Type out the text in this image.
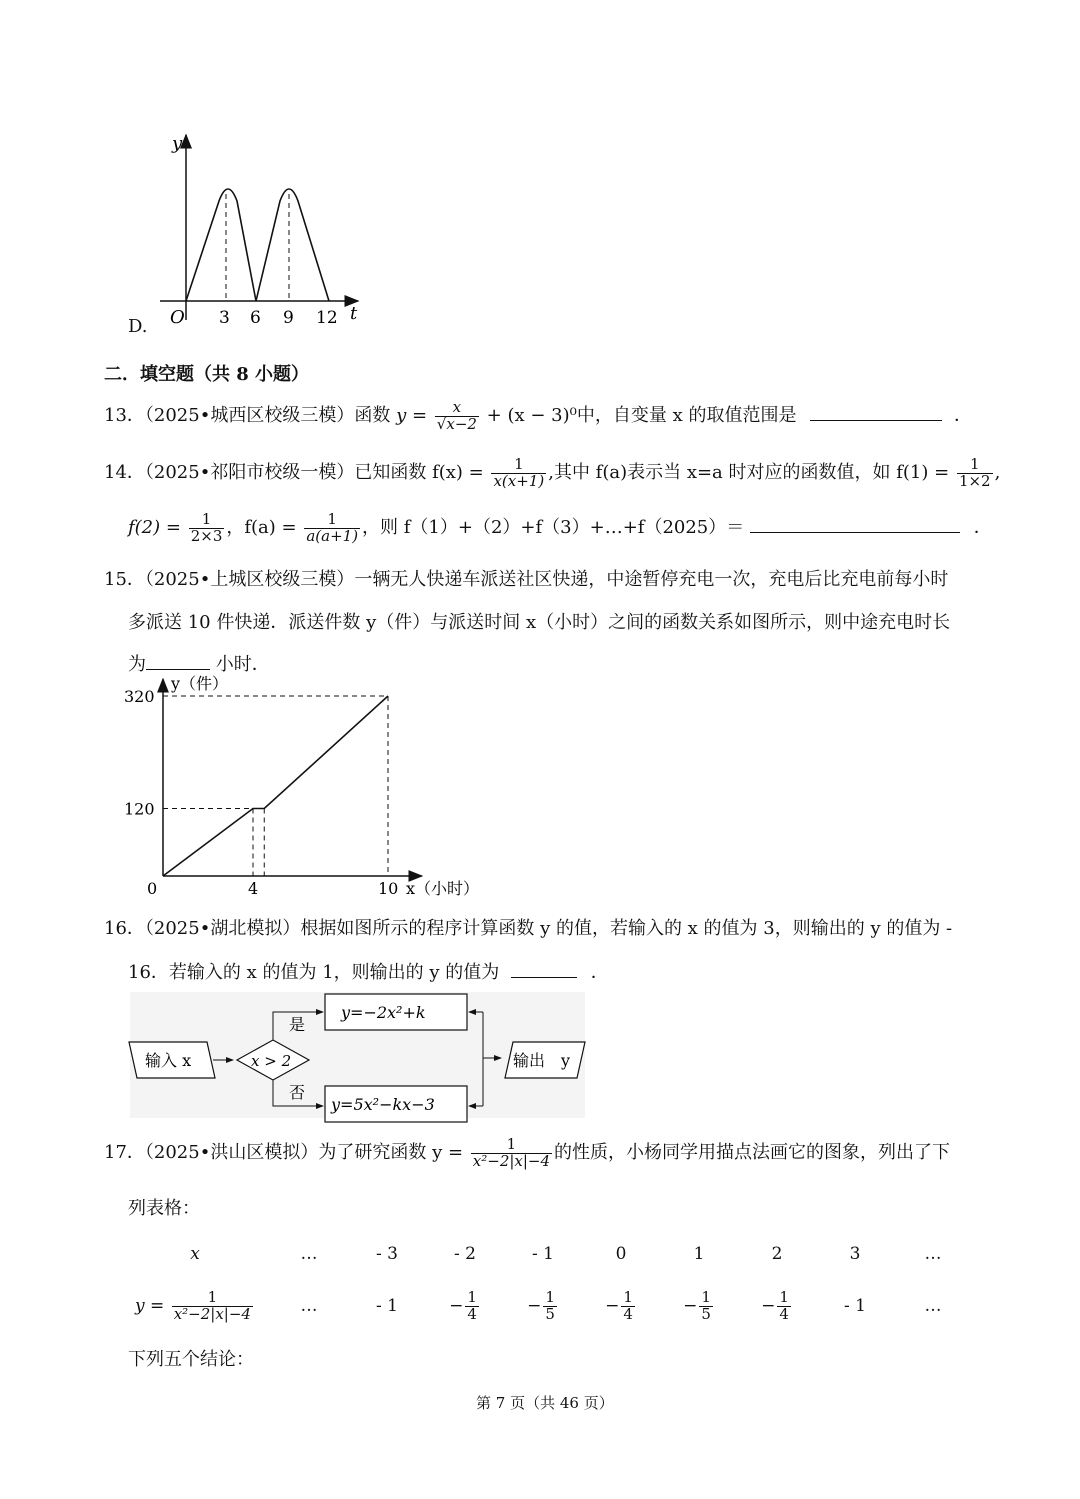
y
t
O 3 6 9 12
D.
二．填空题（共 8 小题）
13．（2025•城西区校级三模）函数 $y = \frac{x}{√x-2} + (x - 3)^0$中，自变量 x 的取值范围是	．
14．（2025•祁阳市校级一模）已知函数 $f(x) = \frac{1}{x(x+1)}$ ,其中 f(a)表示当 x=a 时对应的函数值，如 $f(1) = \frac{1}{1\times 2}$ ,
$f(2) = \frac{1}{2\times 3}$ ，$f(a) = \frac{1}{a(a+1)}$ ，则 f（1）+（2）+f（3）+…+f（2025）＝	．
15．（2025•上城区校级三模）一辆无人快递车派送社区快递，中途暂停充电一次，充电后比充电前每小时
多派送 10 件快递．派送件数 y（件）与派送时间 x（小时）之间的函数关系如图所示，则中途充电时长
为	小时．
y（件）
x（小时）
0
120
320
4	10
16．（2025•湖北模拟）根据如图所示的程序计算函数 y 的值，若输入的 x 的值为 3，则输出的 y 的值为 -
16．若输入的 x 的值为 1，则输出的 y 的值为	．
输入 x	x > 2
是
否
y=−2x²+k
y=5x²−kx−3
输出　y
17．（2025•洪山区模拟）为了研究函数 $y = \frac{1}{\text{x²−2|x|−4}}$ 的性质，小杨同学用描点法画它的图象，列出了下
列表格：
x	…	- 3	- 2	- 1	0	1	2	3	…
$y = \frac{1}{\text{x²−2|x|−4}}$	…	- 1	− $\frac{1}{4}$	− $\frac{1}{5}$	− $\frac{1}{4}$	− $\frac{1}{5}$	− $\frac{1}{4}$	- 1	…
下列五个结论：
第 7 页（共 46 页）
